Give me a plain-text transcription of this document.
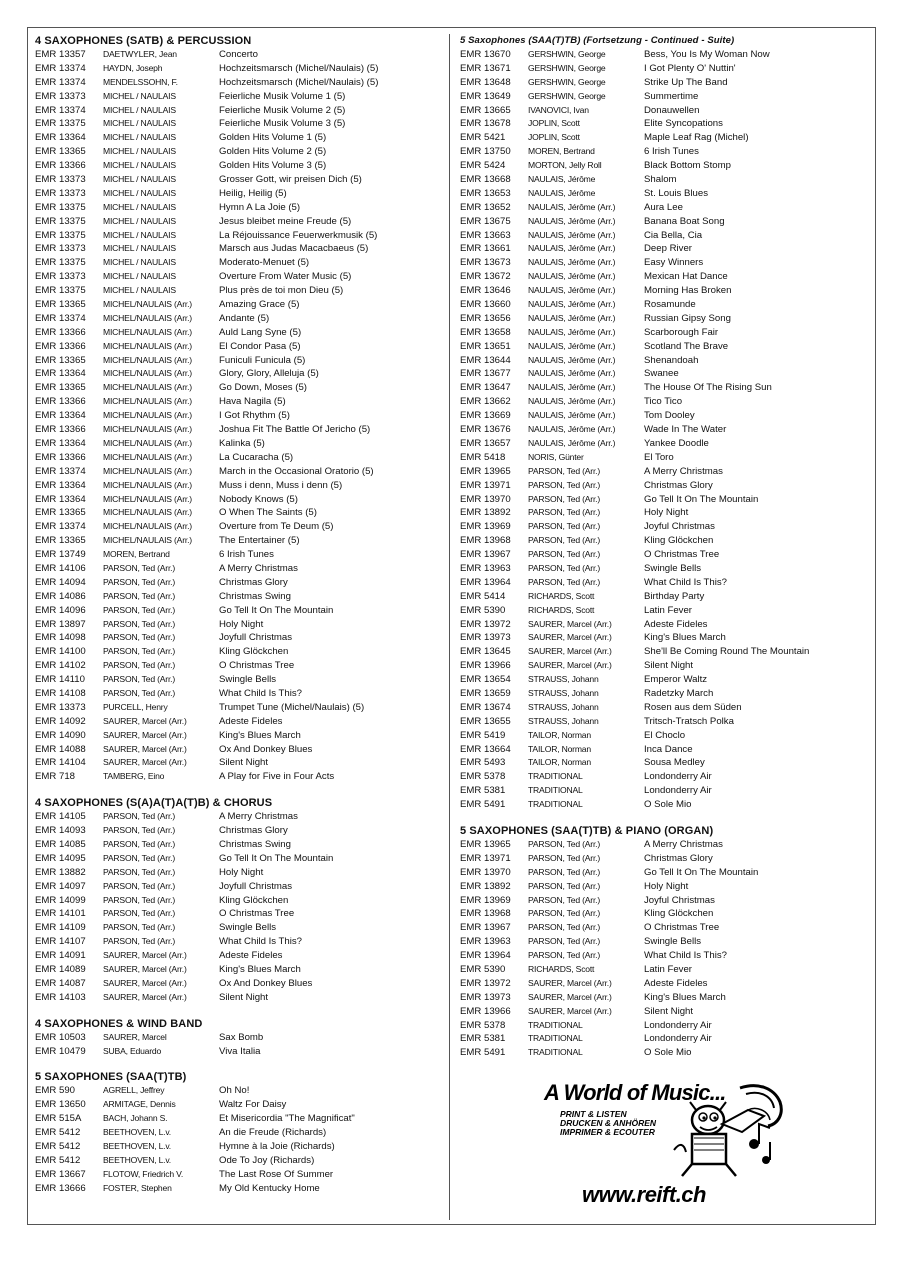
4 SAXOPHONES (SATB) & PERCUSSION
EMR 13357	DAETWYLER, Jean	Concerto
EMR 13374	HAYDN, Joseph	Hochzeitsmarsch (Michel/Naulais) (5)
EMR 13374	MENDELSSOHN, F.	Hochzeitsmarsch (Michel/Naulais) (5)
EMR 13373	MICHEL / NAULAIS	Feierliche Musik Volume 1 (5)
EMR 13374	MICHEL / NAULAIS	Feierliche Musik Volume 2 (5)
EMR 13375	MICHEL / NAULAIS	Feierliche Musik Volume 3 (5)
EMR 13364	MICHEL / NAULAIS	Golden Hits Volume 1 (5)
EMR 13365	MICHEL / NAULAIS	Golden Hits Volume 2 (5)
EMR 13366	MICHEL / NAULAIS	Golden Hits Volume 3 (5)
EMR 13373	MICHEL / NAULAIS	Grosser Gott, wir preisen Dich (5)
EMR 13373	MICHEL / NAULAIS	Heilig, Heilig (5)
EMR 13375	MICHEL / NAULAIS	Hymn A La Joie (5)
EMR 13375	MICHEL / NAULAIS	Jesus bleibet meine Freude (5)
EMR 13375	MICHEL / NAULAIS	La Réjouissance Feuerwerkmusik (5)
EMR 13373	MICHEL / NAULAIS	Marsch aus Judas Macacbaeus (5)
EMR 13375	MICHEL / NAULAIS	Moderato-Menuet (5)
EMR 13373	MICHEL / NAULAIS	Overture From Water Music (5)
EMR 13375	MICHEL / NAULAIS	Plus près de toi mon Dieu (5)
EMR 13365	MICHEL/NAULAIS (Arr.)	Amazing Grace (5)
EMR 13374	MICHEL/NAULAIS (Arr.)	Andante (5)
EMR 13366	MICHEL/NAULAIS (Arr.)	Auld Lang Syne (5)
EMR 13366	MICHEL/NAULAIS (Arr.)	El Condor Pasa (5)
EMR 13365	MICHEL/NAULAIS (Arr.)	Funiculi Funicula (5)
EMR 13364	MICHEL/NAULAIS (Arr.)	Glory, Glory, Alleluja (5)
EMR 13365	MICHEL/NAULAIS (Arr.)	Go Down, Moses (5)
EMR 13366	MICHEL/NAULAIS (Arr.)	Hava Nagila (5)
EMR 13364	MICHEL/NAULAIS (Arr.)	I Got Rhythm (5)
EMR 13366	MICHEL/NAULAIS (Arr.)	Joshua Fit The Battle Of Jericho (5)
EMR 13364	MICHEL/NAULAIS (Arr.)	Kalinka (5)
EMR 13366	MICHEL/NAULAIS (Arr.)	La Cucaracha (5)
EMR 13374	MICHEL/NAULAIS (Arr.)	March in the Occasional Oratorio (5)
EMR 13364	MICHEL/NAULAIS (Arr.)	Muss i denn, Muss i denn (5)
EMR 13364	MICHEL/NAULAIS (Arr.)	Nobody Knows (5)
EMR 13365	MICHEL/NAULAIS (Arr.)	O When The Saints (5)
EMR 13374	MICHEL/NAULAIS (Arr.)	Overture from Te Deum (5)
EMR 13365	MICHEL/NAULAIS (Arr.)	The Entertainer (5)
EMR 13749	MOREN, Bertrand	6 Irish Tunes
EMR 14106	PARSON, Ted (Arr.)	A Merry Christmas
EMR 14094	PARSON, Ted (Arr.)	Christmas Glory
EMR 14086	PARSON, Ted (Arr.)	Christmas Swing
EMR 14096	PARSON, Ted (Arr.)	Go Tell It On The Mountain
EMR 13897	PARSON, Ted (Arr.)	Holy Night
EMR 14098	PARSON, Ted (Arr.)	Joyfull Christmas
EMR 14100	PARSON, Ted (Arr.)	Kling Glöckchen
EMR 14102	PARSON, Ted (Arr.)	O Christmas Tree
EMR 14110	PARSON, Ted (Arr.)	Swingle Bells
EMR 14108	PARSON, Ted (Arr.)	What Child Is This?
EMR 13373	PURCELL, Henry	Trumpet Tune (Michel/Naulais) (5)
EMR 14092	SAURER, Marcel (Arr.)	Adeste Fideles
EMR 14090	SAURER, Marcel (Arr.)	King's Blues March
EMR 14088	SAURER, Marcel (Arr.)	Ox And Donkey Blues
EMR 14104	SAURER, Marcel (Arr.)	Silent Night
EMR 718	TAMBERG, Eino	A Play for Five in Four Acts
4 SAXOPHONES (S(A)A(T)A(T)B) & CHORUS
EMR 14105	PARSON, Ted (Arr.)	A Merry Christmas
EMR 14093	PARSON, Ted (Arr.)	Christmas Glory
EMR 14085	PARSON, Ted (Arr.)	Christmas Swing
EMR 14095	PARSON, Ted (Arr.)	Go Tell It On The Mountain
EMR 13882	PARSON, Ted (Arr.)	Holy Night
EMR 14097	PARSON, Ted (Arr.)	Joyfull Christmas
EMR 14099	PARSON, Ted (Arr.)	Kling Glöckchen
EMR 14101	PARSON, Ted (Arr.)	O Christmas Tree
EMR 14109	PARSON, Ted (Arr.)	Swingle Bells
EMR 14107	PARSON, Ted (Arr.)	What Child Is This?
EMR 14091	SAURER, Marcel (Arr.)	Adeste Fideles
EMR 14089	SAURER, Marcel (Arr.)	King's Blues March
EMR 14087	SAURER, Marcel (Arr.)	Ox And Donkey Blues
EMR 14103	SAURER, Marcel (Arr.)	Silent Night
4 SAXOPHONES & WIND BAND
EMR 10503	SAURER, Marcel	Sax Bomb
EMR 10479	SUBA, Eduardo	Viva Italia
5 SAXOPHONES (SAA(T)TB)
EMR 590	AGRELL, Jeffrey	Oh No!
EMR 13650	ARMITAGE, Dennis	Waltz For Daisy
EMR 515A	BACH, Johann S.	Et Misericordia "The Magnificat"
EMR 5412	BEETHOVEN, L.v.	An die Freude (Richards)
EMR 5412	BEETHOVEN, L.v.	Hymne à la Joie (Richards)
EMR 5412	BEETHOVEN, L.v.	Ode To Joy (Richards)
EMR 13667	FLOTOW, Friedrich V.	The Last Rose Of Summer
EMR 13666	FOSTER, Stephen	My Old Kentucky Home
5 Saxophones (SAA(T)TB) (Fortsetzung - Continued - Suite)
EMR 13670	GERSHWIN, George	Bess, You Is My Woman Now
EMR 13671	GERSHWIN, George	I Got Plenty O' Nuttin'
EMR 13648	GERSHWIN, George	Strike Up The Band
EMR 13649	GERSHWIN, George	Summertime
EMR 13665	IVANOVICI, Ivan	Donauwellen
EMR 13678	JOPLIN, Scott	Elite Syncopations
EMR 5421	JOPLIN, Scott	Maple Leaf Rag (Michel)
EMR 13750	MOREN, Bertrand	6 Irish Tunes
EMR 5424	MORTON, Jelly Roll	Black Bottom Stomp
EMR 13668	NAULAIS, Jérôme	Shalom
EMR 13653	NAULAIS, Jérôme	St. Louis Blues
EMR 13652	NAULAIS, Jérôme (Arr.)	Aura Lee
EMR 13675	NAULAIS, Jérôme (Arr.)	Banana Boat Song
EMR 13663	NAULAIS, Jérôme (Arr.)	Cia Bella, Cia
EMR 13661	NAULAIS, Jérôme (Arr.)	Deep River
EMR 13673	NAULAIS, Jérôme (Arr.)	Easy Winners
EMR 13672	NAULAIS, Jérôme (Arr.)	Mexican Hat Dance
EMR 13646	NAULAIS, Jérôme (Arr.)	Morning Has Broken
EMR 13660	NAULAIS, Jérôme (Arr.)	Rosamunde
EMR 13656	NAULAIS, Jérôme (Arr.)	Russian Gipsy Song
EMR 13658	NAULAIS, Jérôme (Arr.)	Scarborough Fair
EMR 13651	NAULAIS, Jérôme (Arr.)	Scotland The Brave
EMR 13644	NAULAIS, Jérôme (Arr.)	Shenandoah
EMR 13677	NAULAIS, Jérôme (Arr.)	Swanee
EMR 13647	NAULAIS, Jérôme (Arr.)	The House Of The Rising Sun
EMR 13662	NAULAIS, Jérôme (Arr.)	Tico Tico
EMR 13669	NAULAIS, Jérôme (Arr.)	Tom Dooley
EMR 13676	NAULAIS, Jérôme (Arr.)	Wade In The Water
EMR 13657	NAULAIS, Jérôme (Arr.)	Yankee Doodle
EMR 5418	NORIS, Günter	El Toro
EMR 13965	PARSON, Ted (Arr.)	A Merry Christmas
EMR 13971	PARSON, Ted (Arr.)	Christmas Glory
EMR 13970	PARSON, Ted (Arr.)	Go Tell It On The Mountain
EMR 13892	PARSON, Ted (Arr.)	Holy Night
EMR 13969	PARSON, Ted (Arr.)	Joyful Christmas
EMR 13968	PARSON, Ted (Arr.)	Kling Glöckchen
EMR 13967	PARSON, Ted (Arr.)	O Christmas Tree
EMR 13963	PARSON, Ted (Arr.)	Swingle Bells
EMR 13964	PARSON, Ted (Arr.)	What Child Is This?
EMR 5414	RICHARDS, Scott	Birthday Party
EMR 5390	RICHARDS, Scott	Latin Fever
EMR 13972	SAURER, Marcel (Arr.)	Adeste Fideles
EMR 13973	SAURER, Marcel (Arr.)	King's Blues March
EMR 13645	SAURER, Marcel (Arr.)	She'll Be Coming Round The Mountain
EMR 13966	SAURER, Marcel (Arr.)	Silent Night
EMR 13654	STRAUSS, Johann	Emperor Waltz
EMR 13659	STRAUSS, Johann	Radetzky March
EMR 13674	STRAUSS, Johann	Rosen aus dem Süden
EMR 13655	STRAUSS, Johann	Tritsch-Tratsch Polka
EMR 5419	TAILOR, Norman	El Choclo
EMR 13664	TAILOR, Norman	Inca Dance
EMR 5493	TAILOR, Norman	Sousa Medley
EMR 5378	TRADITIONAL	Londonderry Air
EMR 5381	TRADITIONAL	Londonderry Air
EMR 5491	TRADITIONAL	O Sole Mio
5 SAXOPHONES (SAA(T)TB) & PIANO (ORGAN)
EMR 13965	PARSON, Ted (Arr.)	A Merry Christmas
EMR 13971	PARSON, Ted (Arr.)	Christmas Glory
EMR 13970	PARSON, Ted (Arr.)	Go Tell It On The Mountain
EMR 13892	PARSON, Ted (Arr.)	Holy Night
EMR 13969	PARSON, Ted (Arr.)	Joyful Christmas
EMR 13968	PARSON, Ted (Arr.)	Kling Glöckchen
EMR 13967	PARSON, Ted (Arr.)	O Christmas Tree
EMR 13963	PARSON, Ted (Arr.)	Swingle Bells
EMR 13964	PARSON, Ted (Arr.)	What Child Is This?
EMR 5390	RICHARDS, Scott	Latin Fever
EMR 13972	SAURER, Marcel (Arr.)	Adeste Fideles
EMR 13973	SAURER, Marcel (Arr.)	King's Blues March
EMR 13966	SAURER, Marcel (Arr.)	Silent Night
EMR 5378	TRADITIONAL	Londonderry Air
EMR 5381	TRADITIONAL	Londonderry Air
EMR 5491	TRADITIONAL	O Sole Mio
A World of Music...
PRINT & LISTEN
DRUCKEN & ANHÖREN
IMPRIMER & ECOUTER
www.reift.ch
